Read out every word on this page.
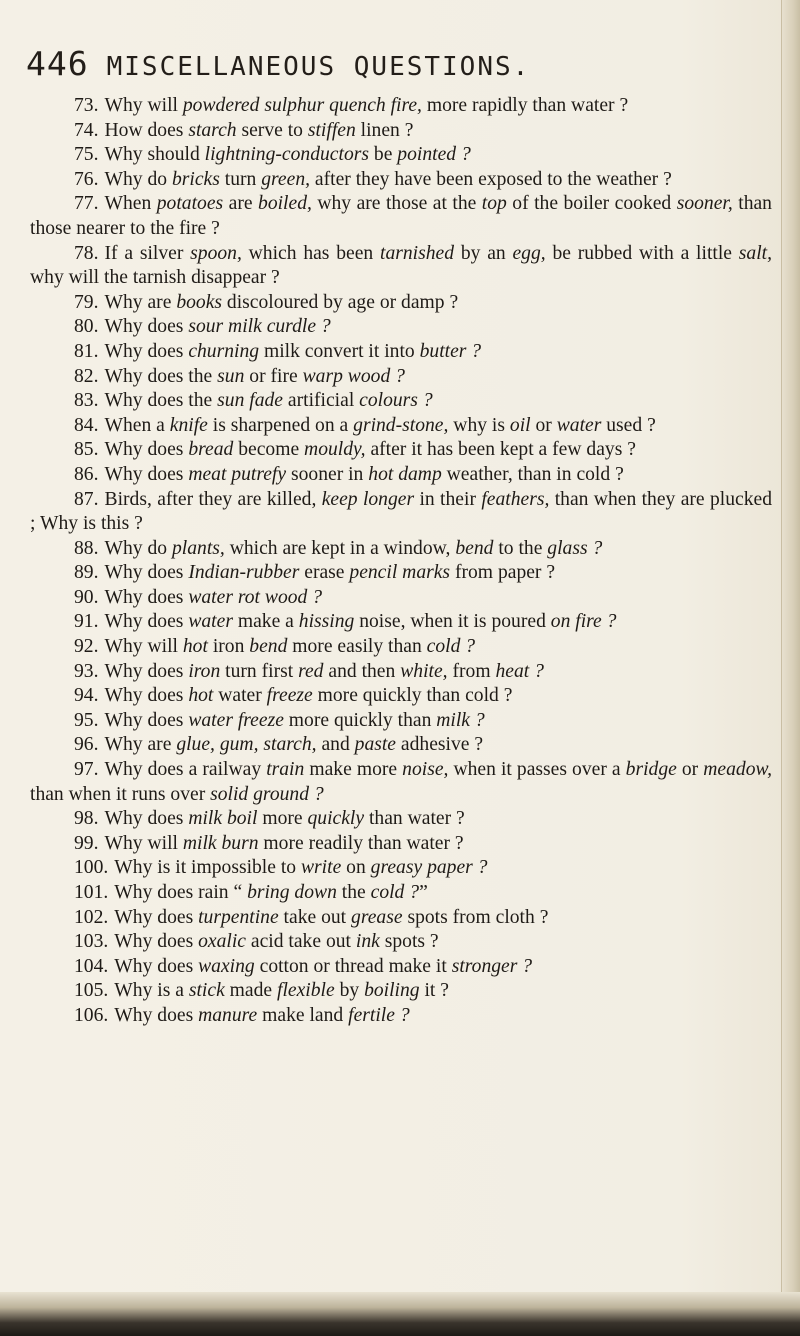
446 MISCELLANEOUS QUESTIONS.
73. Why will powdered sulphur quench fire, more rapidly than water ?
74. How does starch serve to stiffen linen ?
75. Why should lightning-conductors be pointed ?
76. Why do bricks turn green, after they have been exposed to the weather ?
77. When potatoes are boiled, why are those at the top of the boiler cooked sooner, than those nearer to the fire ?
78. If a silver spoon, which has been tarnished by an egg, be rubbed with a little salt, why will the tarnish disappear ?
79. Why are books discoloured by age or damp ?
80. Why does sour milk curdle ?
81. Why does churning milk convert it into butter ?
82. Why does the sun or fire warp wood ?
83. Why does the sun fade artificial colours ?
84. When a knife is sharpened on a grind-stone, why is oil or water used ?
85. Why does bread become mouldy, after it has been kept a few days ?
86. Why does meat putrefy sooner in hot damp weather, than in cold ?
87. Birds, after they are killed, keep longer in their feathers, than when they are plucked ; Why is this ?
88. Why do plants, which are kept in a window, bend to the glass ?
89. Why does Indian-rubber erase pencil marks from paper ?
90. Why does water rot wood ?
91. Why does water make a hissing noise, when it is poured on fire ?
92. Why will hot iron bend more easily than cold ?
93. Why does iron turn first red and then white, from heat ?
94. Why does hot water freeze more quickly than cold ?
95. Why does water freeze more quickly than milk ?
96. Why are glue, gum, starch, and paste adhesive ?
97. Why does a railway train make more noise, when it passes over a bridge or meadow, than when it runs over solid ground ?
98. Why does milk boil more quickly than water ?
99. Why will milk burn more readily than water ?
100. Why is it impossible to write on greasy paper ?
101. Why does rain “ bring down the cold ?”
102. Why does turpentine take out grease spots from cloth ?
103. Why does oxalic acid take out ink spots ?
104. Why does waxing cotton or thread make it stronger ?
105. Why is a stick made flexible by boiling it ?
106. Why does manure make land fertile ?
